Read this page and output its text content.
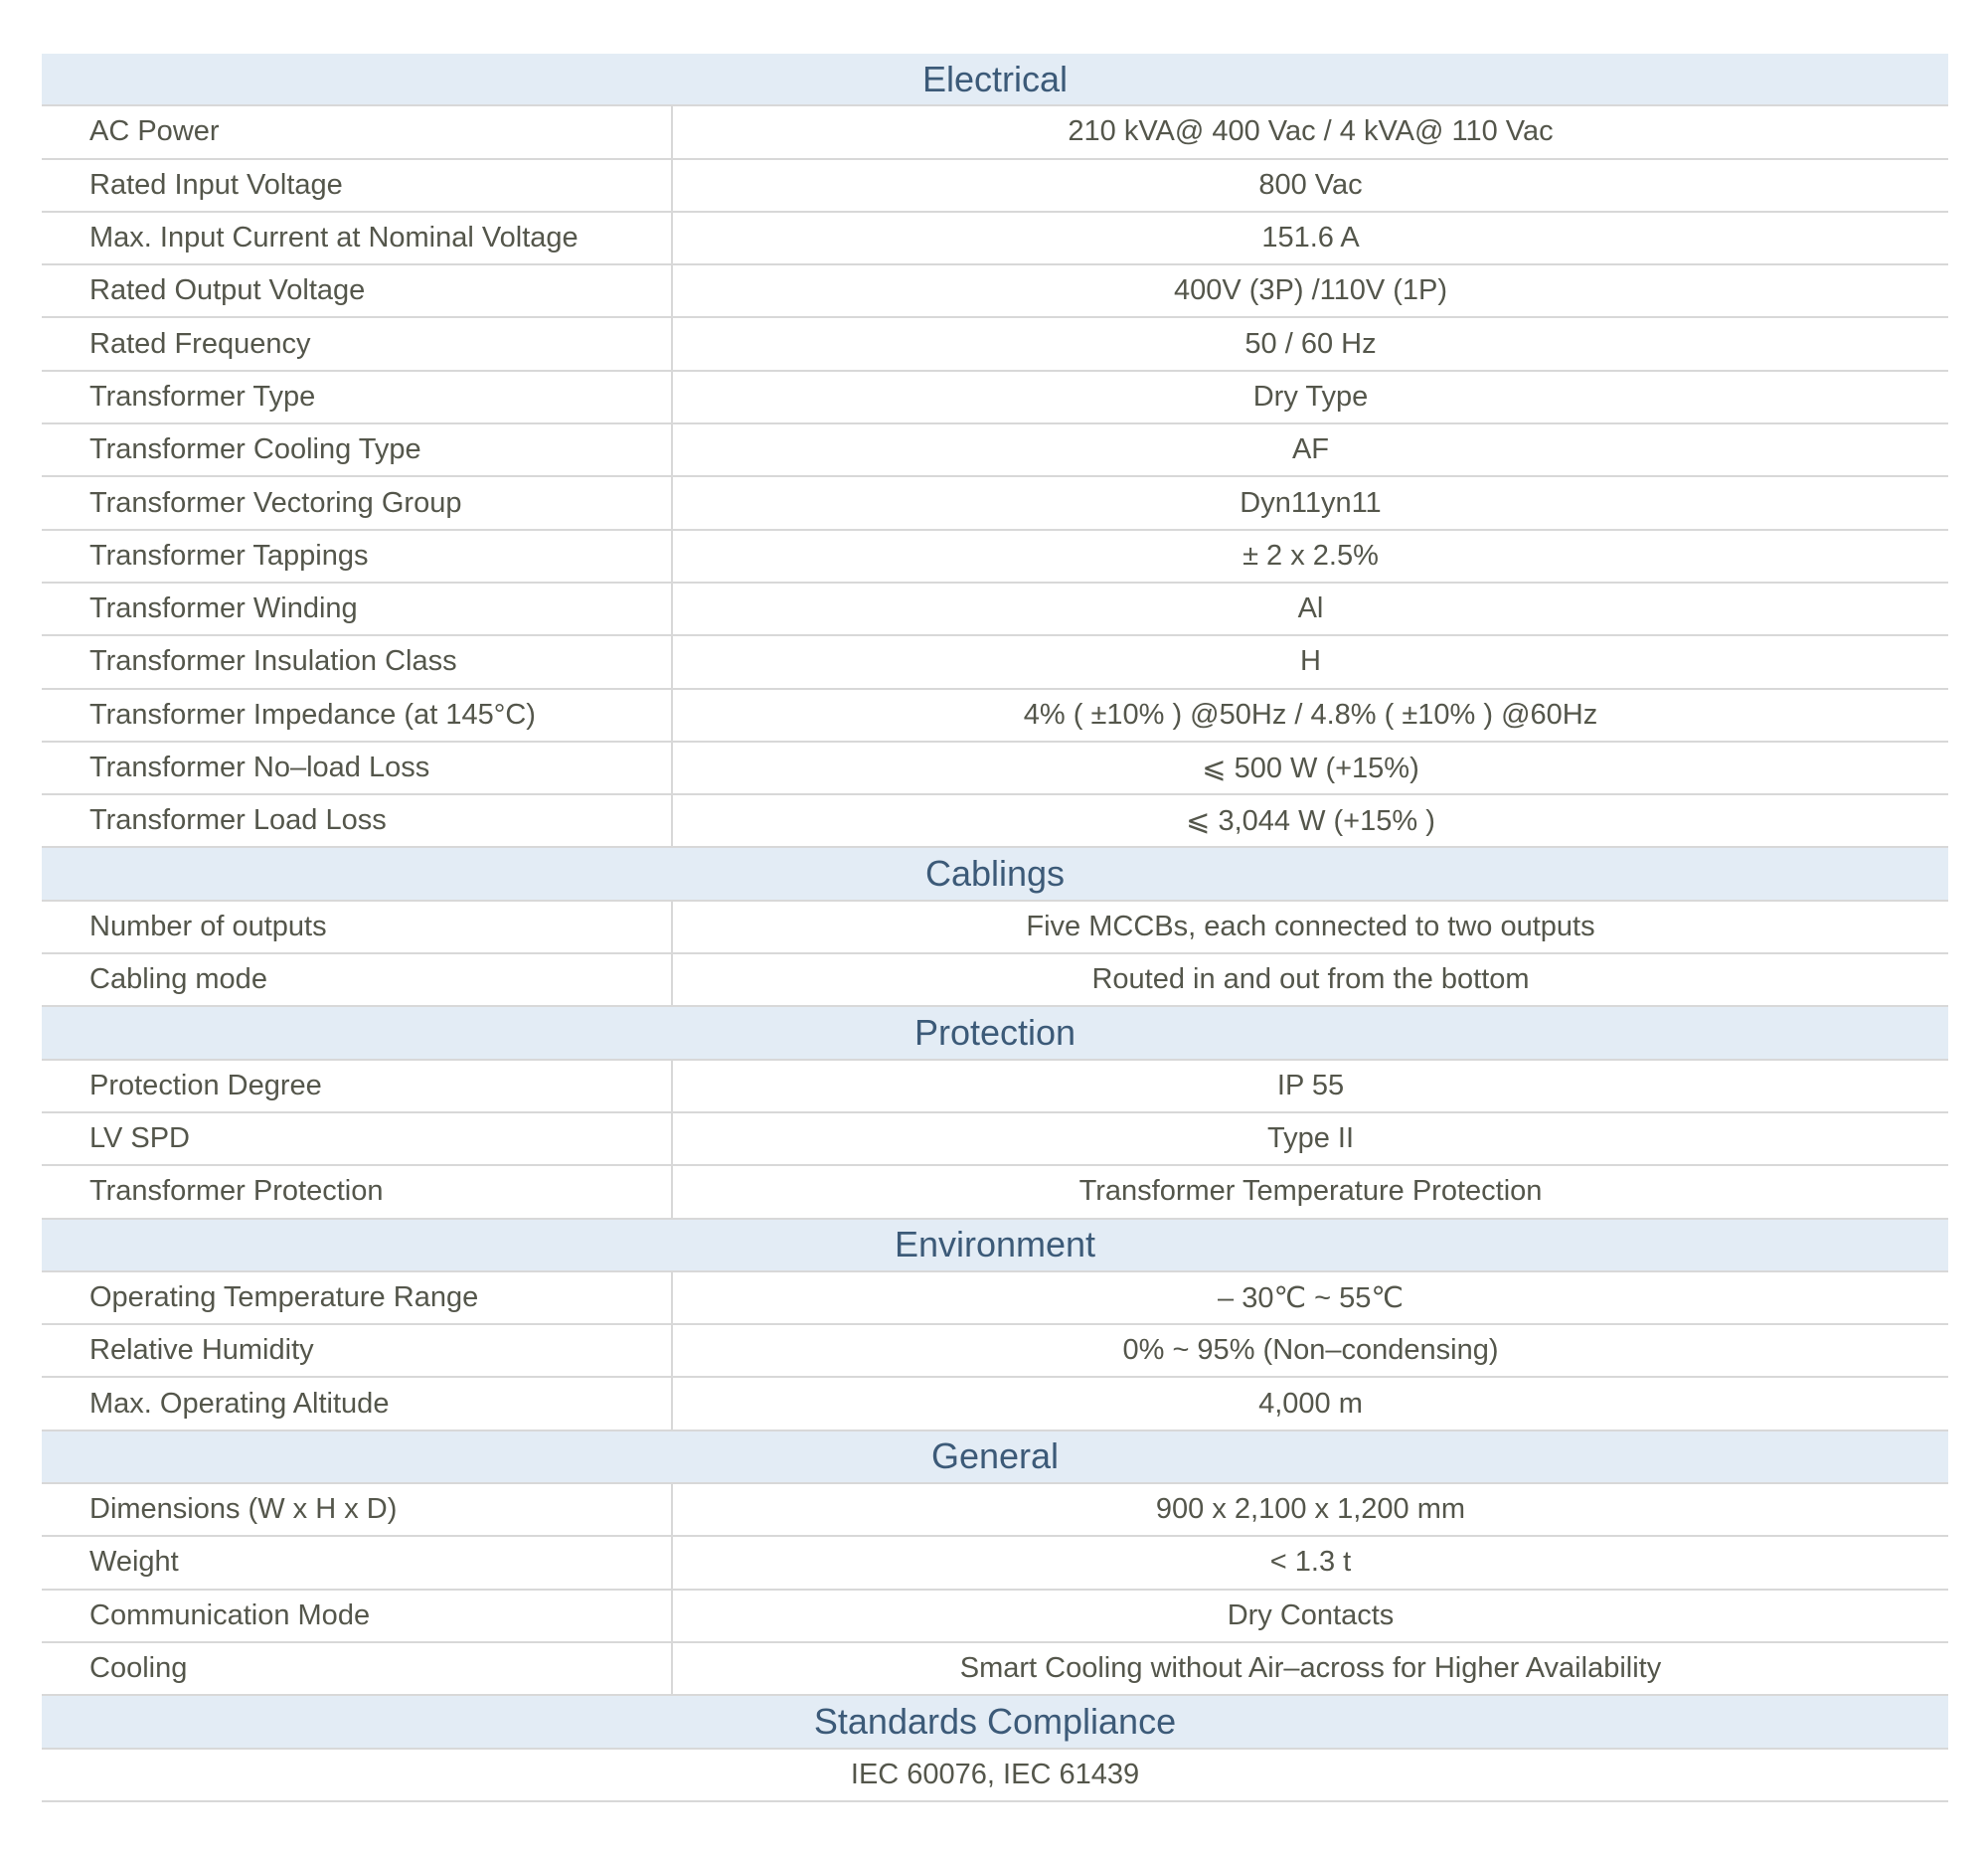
Electrical
AC Power	210 kVA@ 400 Vac / 4 kVA@ 110 Vac
Rated Input Voltage	800 Vac
Max. Input Current at Nominal Voltage	151.6 A
Rated Output Voltage	400V (3P) /110V (1P)
Rated Frequency	50 / 60 Hz
Transformer Type	Dry Type
Transformer Cooling Type	AF
Transformer Vectoring Group	Dyn11yn11
Transformer Tappings	± 2 x 2.5%
Transformer Winding	Al
Transformer Insulation Class	H
Transformer Impedance (at 145°C)	4% ( ±10% ) @50Hz / 4.8% ( ±10% ) @60Hz
Transformer No–load Loss	⩽ 500 W (+15%)
Transformer Load Loss	⩽ 3,044 W (+15% )
Cablings
Number of outputs	Five MCCBs, each connected to two outputs
Cabling mode	Routed in and out from the bottom
Protection
Protection Degree	IP 55
LV SPD	Type II
Transformer Protection	Transformer Temperature Protection
Environment
Operating Temperature Range	– 30℃ ~ 55℃
Relative Humidity	0% ~ 95% (Non–condensing)
Max. Operating Altitude	4,000 m
General
Dimensions (W x H x D)	900 x 2,100 x 1,200 mm
Weight	< 1.3 t
Communication Mode	Dry Contacts
Cooling	Smart Cooling without Air–across for Higher Availability
Standards Compliance
IEC 60076, IEC 61439
